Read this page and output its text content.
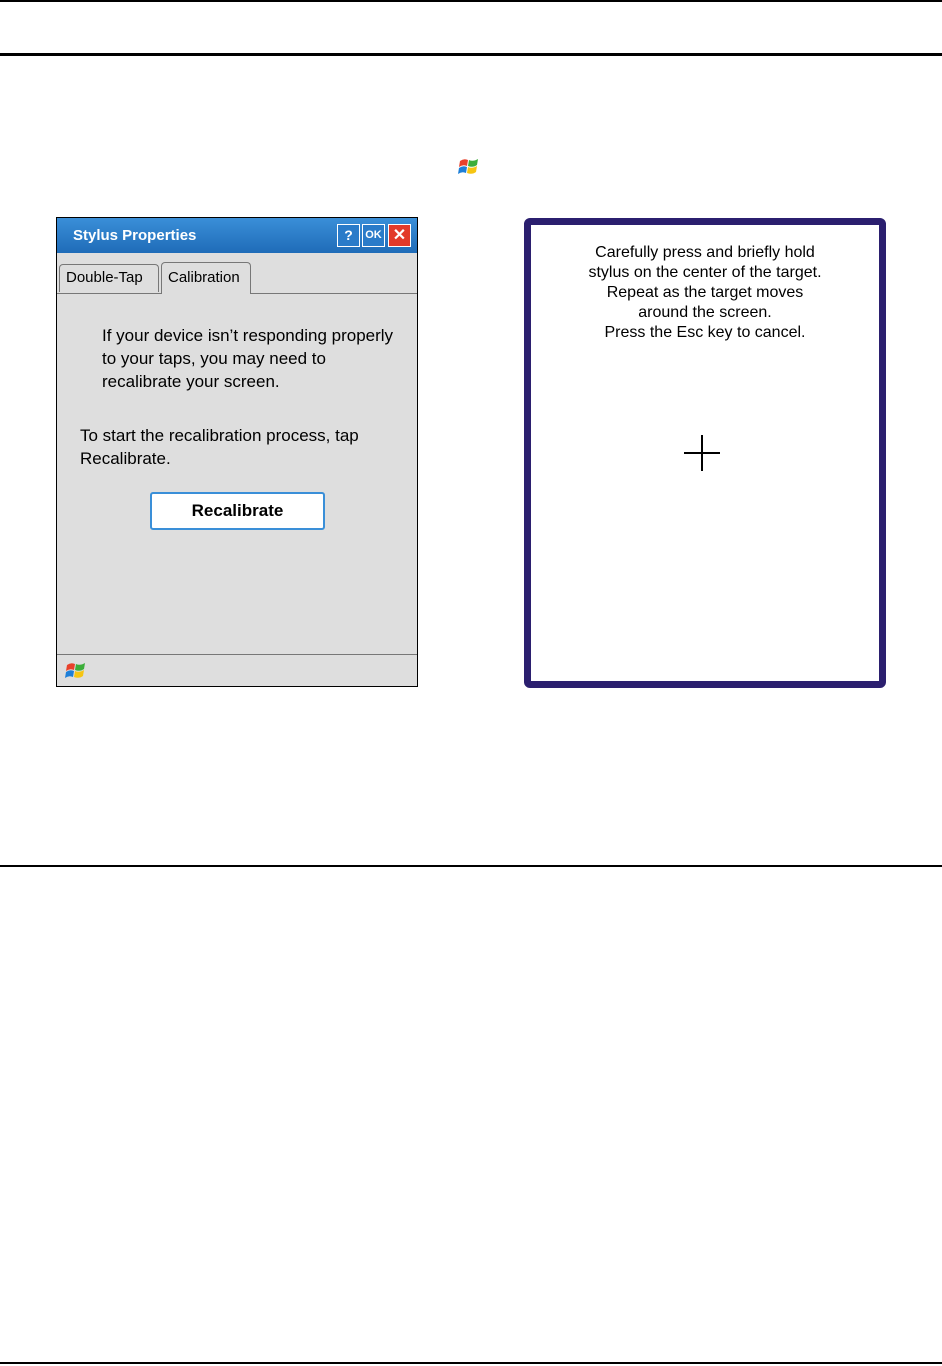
Stylus Properties	?	OK ✕
Double-Tap	Calibration
If your device isn’t responding properly to your taps, you may need to recalibrate your screen.
To start the recalibration process, tap Recalibrate.
Recalibrate
Carefully press and briefly hold
stylus on the center of the target.
Repeat as the target moves
around the screen.
Press the Esc key to cancel.
